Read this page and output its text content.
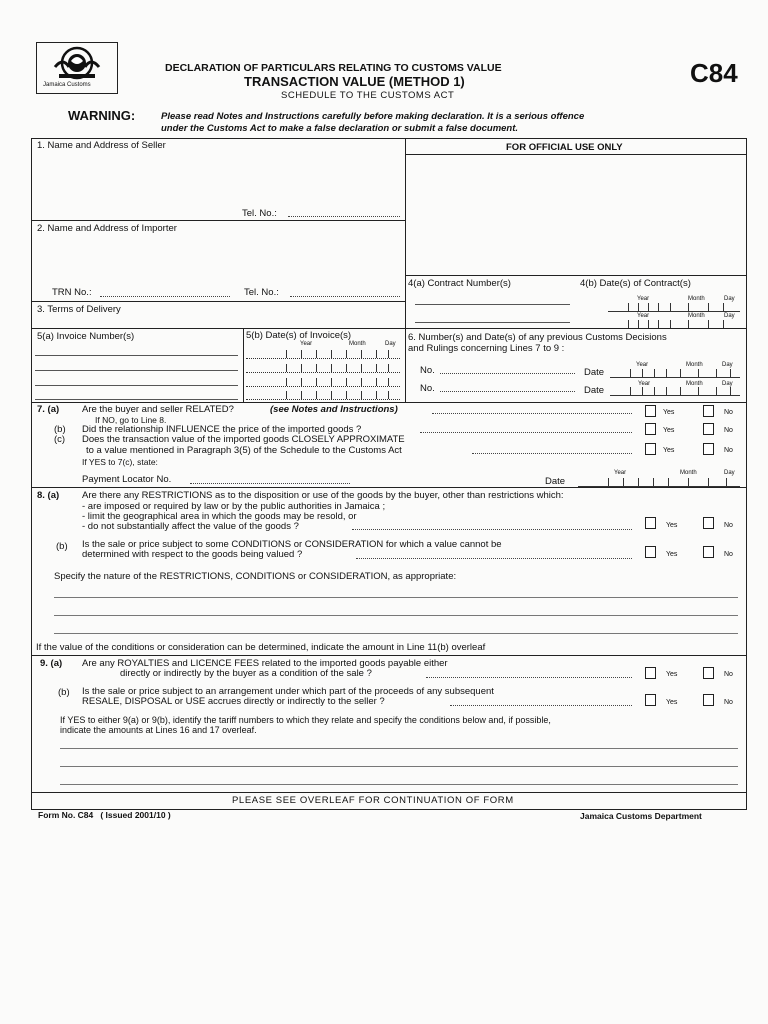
Jamaica Customs
DECLARATION OF PARTICULARS RELATING TO CUSTOMS VALUE
TRANSACTION VALUE (METHOD 1)
SCHEDULE TO THE CUSTOMS ACT
C84
WARNING:	Please read Notes and Instructions carefully before making declaration. It is a serious offence
under the Customs Act to make a false declaration or submit a false document.
FOR OFFICIAL USE ONLY
1. Name and Address of Seller
Tel. No.:
2. Name and Address of Importer
TRN No.:	Tel. No.:
4(a) Contract Number(s)	4(b) Date(s) of Contract(s)
Year	Month	Day
Year	Month	Day
3. Terms of Delivery
5(a) Invoice Number(s)	5(b) Date(s) of Invoice(s)
Year	Month	Day
6. Number(s) and Date(s) of any previous Customs Decisions
and Rulings concerning Lines 7 to 9 :
Year	Month	Day
No.	Date
Year	Month	Day
No.	Date
7. (a) Are the buyer and seller RELATED?	(see Notes and Instructions)
If NO, go to Line 8.
Yes	No
(b) Did the relationship INFLUENCE the price of the imported goods ?	Yes	No
(c) Does the transaction value of the imported goods CLOSELY APPROXIMATE
to a value mentioned in Paragraph 3(5) of the Schedule to the Customs Act	Yes	No
If YES to 7(c), state:
Payment Locator No.	Date
Year	Month	Day
8. (a) Are there any RESTRICTIONS as to the disposition or use of the goods by the buyer, other than restrictions which:
- are imposed or required by law or by the public authorities in Jamaica ;
- limit the geographical area in which the goods may be resold, or
- do not substantially affect the value of the goods ?	Yes	No
(b) Is the sale or price subject to some CONDITIONS or CONSIDERATION for which a value cannot be
determined with respect to the goods being valued ?	Yes	No
Specify the nature of the RESTRICTIONS, CONDITIONS or CONSIDERATION, as appropriate:
If the value of the conditions or consideration can be determined, indicate the amount in Line 11(b) overleaf
9. (a) Are any ROYALTIES and LICENCE FEES related to the imported goods payable either
directly or indirectly by the buyer as a condition of the sale ?	Yes	No
(b) Is the sale or price subject to an arrangement under which part of the proceeds of any subsequent
RESALE, DISPOSAL or USE accrues directly or indirectly to the seller ?	Yes	No
If YES to either 9(a) or 9(b), identify the tariff numbers to which they relate and specify the conditions below and, if possible,
indicate the amounts at Lines 16 and 17 overleaf.
PLEASE SEE OVERLEAF FOR CONTINUATION OF FORM
Form No. C84   ( Issued 2001/10 )	Jamaica Customs Department
